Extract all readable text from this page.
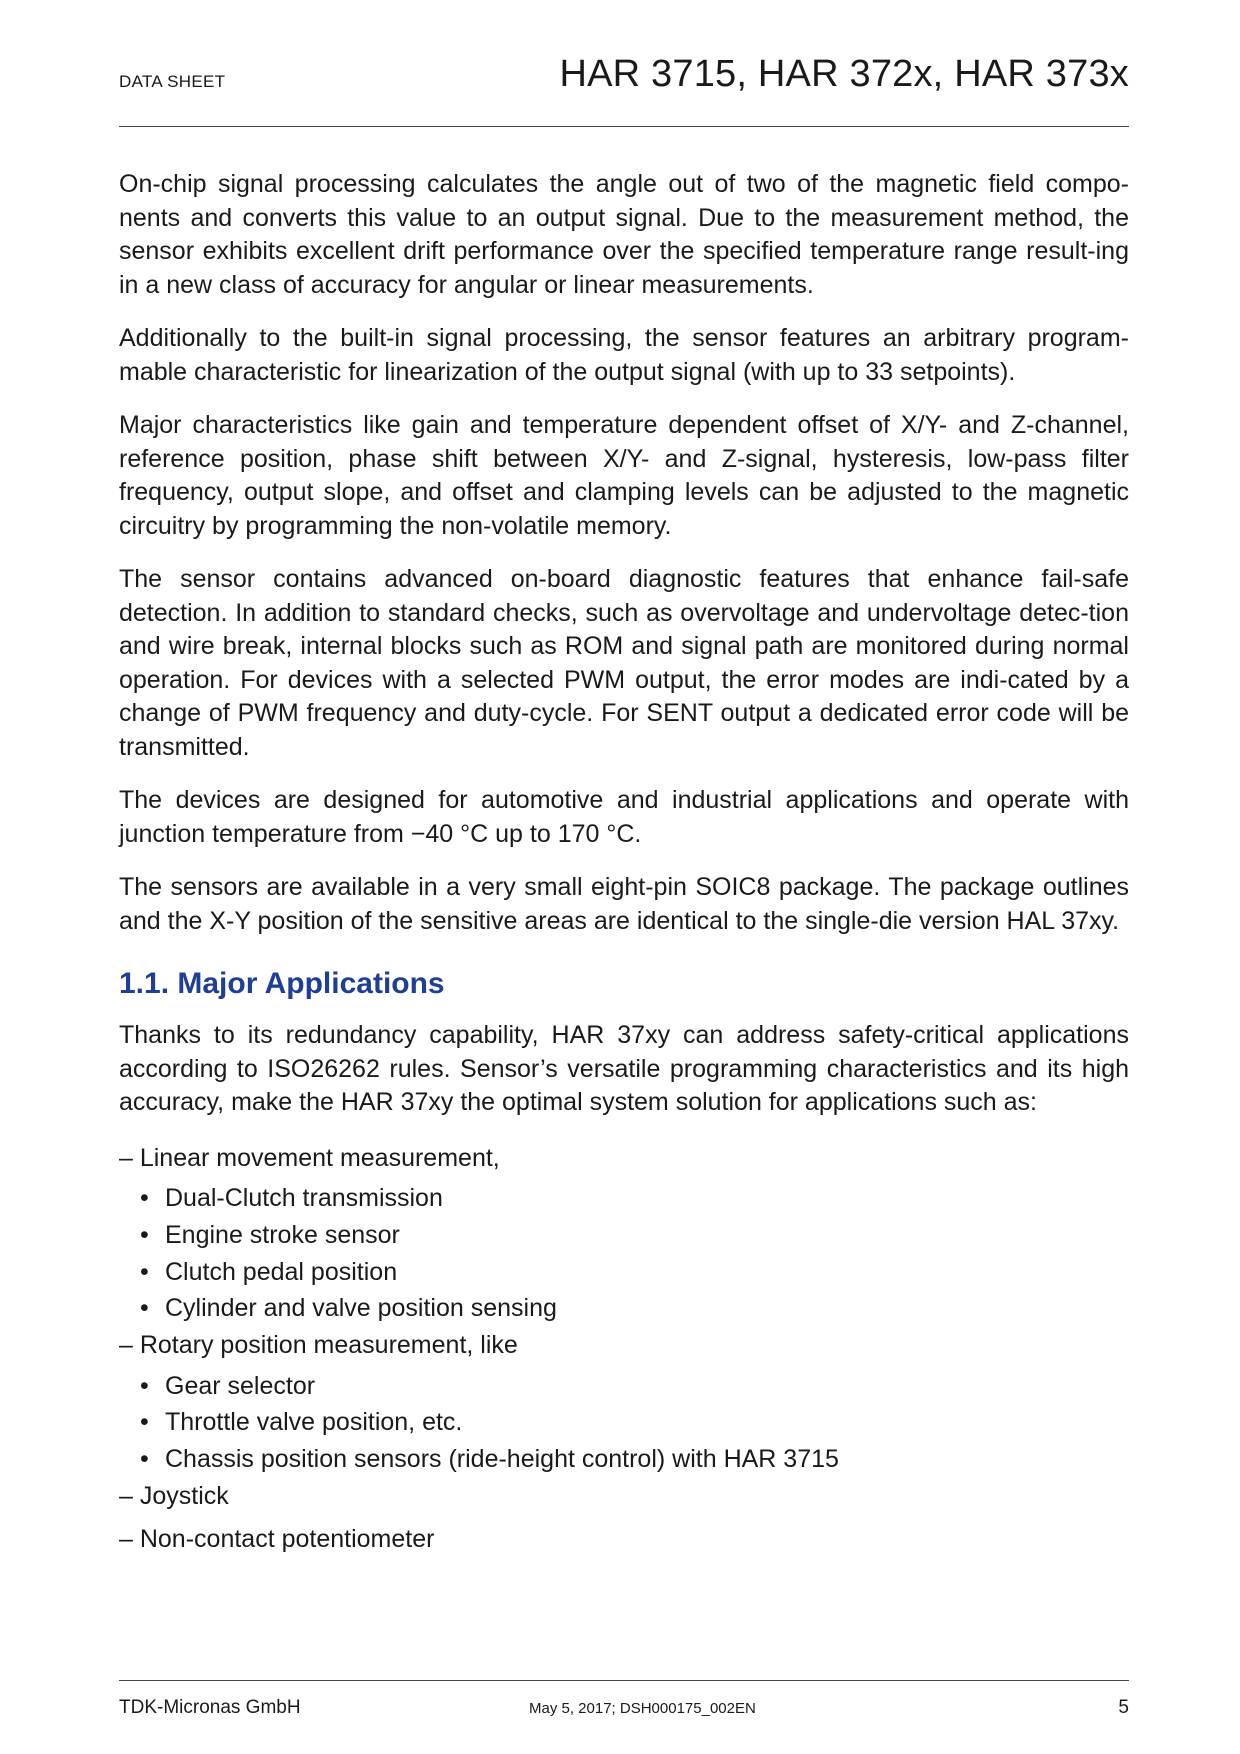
DATA SHEET	HAR 3715, HAR 372x, HAR 373x

On-chip signal processing calculates the angle out of two of the magnetic field compo-nents and converts this value to an output signal. Due to the measurement method, the sensor exhibits excellent drift performance over the specified temperature range result-ing in a new class of accuracy for angular or linear measurements.

Additionally to the built-in signal processing, the sensor features an arbitrary program-mable characteristic for linearization of the output signal (with up to 33 setpoints).

Major characteristics like gain and temperature dependent offset of X/Y- and Z-channel, reference position, phase shift between X/Y- and Z-signal, hysteresis, low-pass filter frequency, output slope, and offset and clamping levels can be adjusted to the magnetic circuitry by programming the non-volatile memory.

The sensor contains advanced on-board diagnostic features that enhance fail-safe detection. In addition to standard checks, such as overvoltage and undervoltage detec-tion and wire break, internal blocks such as ROM and signal path are monitored during normal operation. For devices with a selected PWM output, the error modes are indi-cated by a change of PWM frequency and duty-cycle. For SENT output a dedicated error code will be transmitted.

The devices are designed for automotive and industrial applications and operate with junction temperature from −40 °C up to 170 °C.

The sensors are available in a very small eight-pin SOIC8 package. The package outlines and the X-Y position of the sensitive areas are identical to the single-die version HAL 37xy.

1.1. Major Applications

Thanks to its redundancy capability, HAR 37xy can address safety-critical applications according to ISO26262 rules. Sensor’s versatile programming characteristics and its high accuracy, make the HAR 37xy the optimal system solution for applications such as:

– Linear movement measurement,
• Dual-Clutch transmission
• Engine stroke sensor
• Clutch pedal position
• Cylinder and valve position sensing
– Rotary position measurement, like
• Gear selector
• Throttle valve position, etc.
• Chassis position sensors (ride-height control) with HAR 3715
– Joystick
– Non-contact potentiometer
TDK-Micronas GmbH	May 5, 2017; DSH000175_002EN	5
